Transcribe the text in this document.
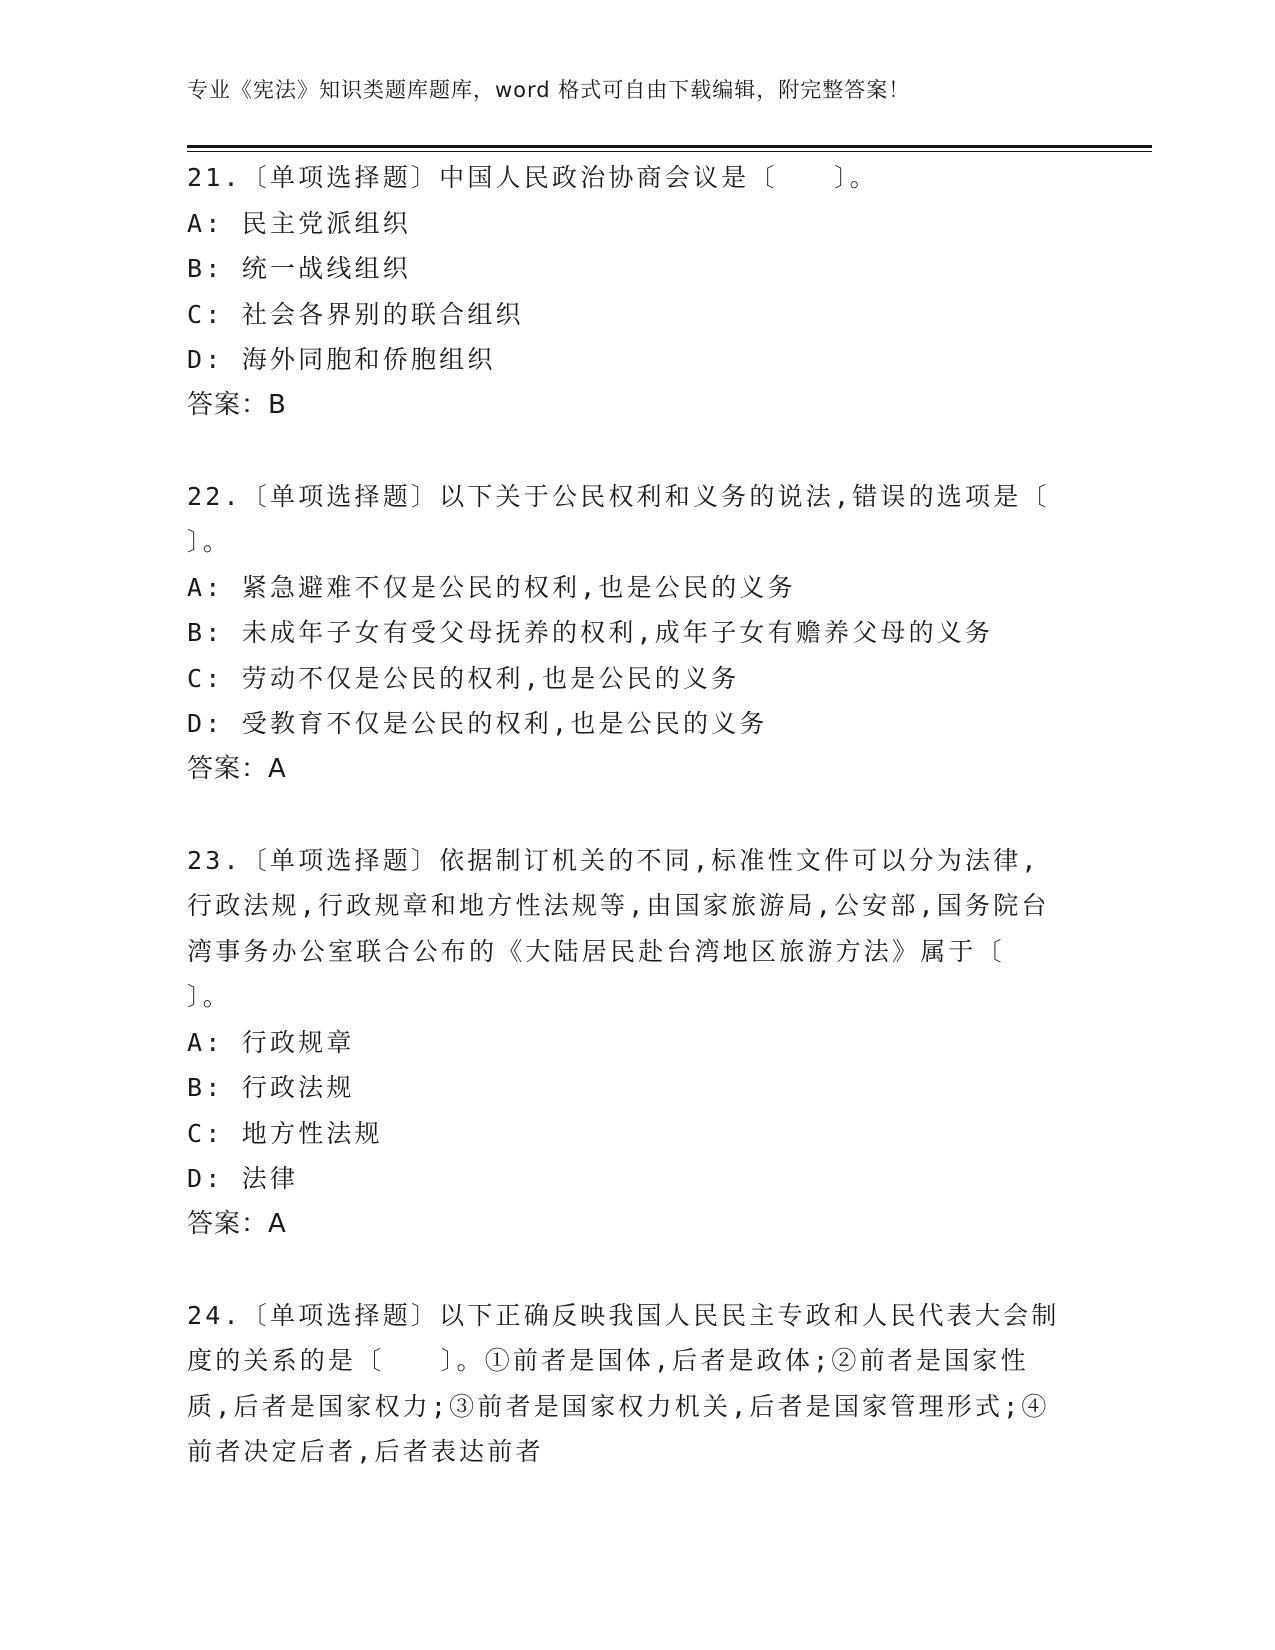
专业《宪法》知识类题库题库，word 格式可自由下载编辑，附完整答案！
21.〔单项选择题〕中国人民政治协商会议是〔　　〕。
A: 民主党派组织
B: 统一战线组织
C: 社会各界别的联合组织
D: 海外同胞和侨胞组织
答案：B
22.〔单项选择题〕以下关于公民权利和义务的说法,错误的选项是〔　　〕。
A: 紧急避难不仅是公民的权利,也是公民的义务
B: 未成年子女有受父母抚养的权利,成年子女有赡养父母的义务
C: 劳动不仅是公民的权利,也是公民的义务
D: 受教育不仅是公民的权利,也是公民的义务
答案：A
23.〔单项选择题〕依据制订机关的不同,标准性文件可以分为法律,行政法规,行政规章和地方性法规等,由国家旅游局,公安部,国务院台湾事务办公室联合公布的《大陆居民赴台湾地区旅游方法》属于〔　　〕。
A: 行政规章
B: 行政法规
C: 地方性法规
D: 法律
答案：A
24.〔单项选择题〕以下正确反映我国人民民主专政和人民代表大会制度的关系的是〔　　〕。①前者是国体,后者是政体;②前者是国家性质,后者是国家权力;③前者是国家权力机关,后者是国家管理形式;④前者决定后者,后者表达前者
